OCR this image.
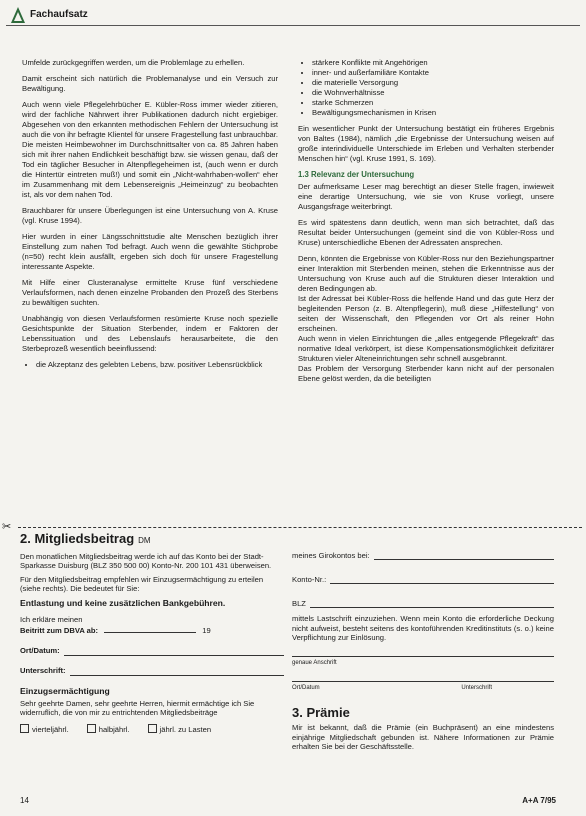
Fachaufsatz

Umfelde zurückgegriffen werden, um die Problemlage zu erhellen.

Damit erscheint sich natürlich die Problemanalyse und ein Versuch zur Bewältigung.

Auch wenn viele Pflegelehrbücher E. Kübler-Ross immer wieder zitieren, wird der fachliche Nährwert ihrer Publikationen dadurch nicht ergiebiger. Abgesehen von den erkannten methodischen Fehlern der Untersuchung ist auch die von ihr befragte Klientel für unsere Fragestellung fast unbrauchbar. Die meisten Heimbewohner im Durchschnittsalter von ca. 85 Jahren haben sich mit ihrer nahen Endlichkeit beschäftigt bzw. sie wissen genau, daß der Tod ein täglicher Besucher in Altenpflegeheimen ist, (auch wenn er durch die Hintertür eintreten muß!) und somit ein „Nicht-wahrhaben-wollen“ eher im Zusammenhang mit dem Lebensereignis „Heimeinzug“ zu beobachten ist, als vor dem nahen Tod.

Brauchbarer für unsere Überlegungen ist eine Untersuchung von A. Kruse (vgl. Kruse 1994).

Hier wurden in einer Längsschnittstudie alte Menschen bezüglich ihrer Einstellung zum nahen Tod befragt. Auch wenn die gewählte Stichprobe (n=50) recht klein ausfällt, ergeben sich doch für unsere Fragestellung interessante Aspekte.

Mit Hilfe einer Clusteranalyse ermittelte Kruse fünf verschiedene Verlaufsformen, nach denen einzelne Probanden den Prozeß des Sterbens zu bewältigen suchten.

Unabhängig von diesen Verlaufsformen resümierte Kruse noch spezielle Gesichtspunkte der Situation Sterbender, indem er Faktoren der Lebenssituation und des Lebenslaufs herausarbeitete, die den Sterbeprozeß wesentlich beeinflussend:

• die Akzeptanz des gelebten Lebens, bzw. positiver Lebensrückblick
• stärkere Konflikte mit Angehörigen
• inner- und außerfamiliäre Kontakte
• die materielle Versorgung
• die Wohnverhältnisse
• starke Schmerzen
• Bewältigungsmechanismen in Krisen

Ein wesentlicher Punkt der Untersuchung bestätigt ein früheres Ergebnis von Baltes (1984), nämlich „die Ergebnisse der Untersuchung weisen auf große interindividuelle Unterschiede im Erleben und Verhalten sterbender Menschen hin“ (vgl. Kruse 1991, S. 169).

1.3 Relevanz der Untersuchung

Der aufmerksame Leser mag berechtigt an dieser Stelle fragen, inwieweit eine derartige Untersuchung, wie sie von Kruse vorliegt, unsere Ausgangsfrage weiterbringt.

Es wird spätestens dann deutlich, wenn man sich betrachtet, daß das Resultat beider Untersuchungen (gemeint sind die von Kübler-Ross und Kruse) unterschiedliche Ebenen der Adressaten ansprechen.

Denn, könnten die Ergebnisse von Kübler-Ross nur den Beziehungspartner einer Interaktion mit Sterbenden meinen, stehen die Erkenntnisse aus der Untersuchung von Kruse auch auf die Strukturen dieser Interaktion und deren Bedingungen ab.

Ist der Adressat bei Kübler-Ross die helfende Hand und das gute Herz der begleitenden Person (z. B. Altenpflegerin), muß diese „Hilfestellung“ von seiten der Wissenschaft, den Pflegenden vor Ort als reiner Hohn erscheinen.

Auch wenn in vielen Einrichtungen die „alles entgegende Pflegekraft“ das normative Ideal verkörpert, ist diese Kompensationsmöglichkeit defizitärer Strukturen vieler Alteneinrichtungen sehr schnell ausgebrannt.

Das Problem der Versorgung Sterbender kann nicht auf der personalen Ebene gelöst werden, da die beteiligten

✂
2. Mitgliedsbeitrag DM

Den monatlichen Mitgliedsbeitrag werde ich auf das Konto bei der Stadt-Sparkasse Duisburg (BLZ 350 500 00) Konto-Nr. 200 101 431 überweisen.

Für den Mitgliedsbeitrag empfehlen wir Einzugsermächtigung zu erteilen (siehe rechts). Die bedeutet für Sie:

Entlastung und keine zusätzlichen Bankgebühren.
Ich erkläre meinen
Beitritt zum DBVA ab:	19
Ort/Datum:
Unterschrift:
Einzugsermächtigung

Sehr geehrte Damen, sehr geehrte Herren, hiermit ermächtige ich Sie widerruflich, die von mir zu entrichtenden Mitgliedsbeiträge

vierteljährl.	halbjährl.	jährl. zu Lasten
meines Girokontos bei:
Konto-Nr.:
BLZ

mittels Lastschrift einzuziehen. Wenn mein Konto die erforderliche Deckung nicht aufweist, besteht seitens des kontoführenden Kreditinstituts (s. o.) keine Verpflichtung zur Einlösung.

genaue Anschrift
Ort/Datum	Unterschrift
3. Prämie

Mir ist bekannt, daß die Prämie (ein Buchpräsent) an eine mindestens einjährige Mitgliedschaft gebunden ist. Nähere Informationen zur Prämie erhalten Sie bei der Geschäftsstelle.

14	A+A 7/95
